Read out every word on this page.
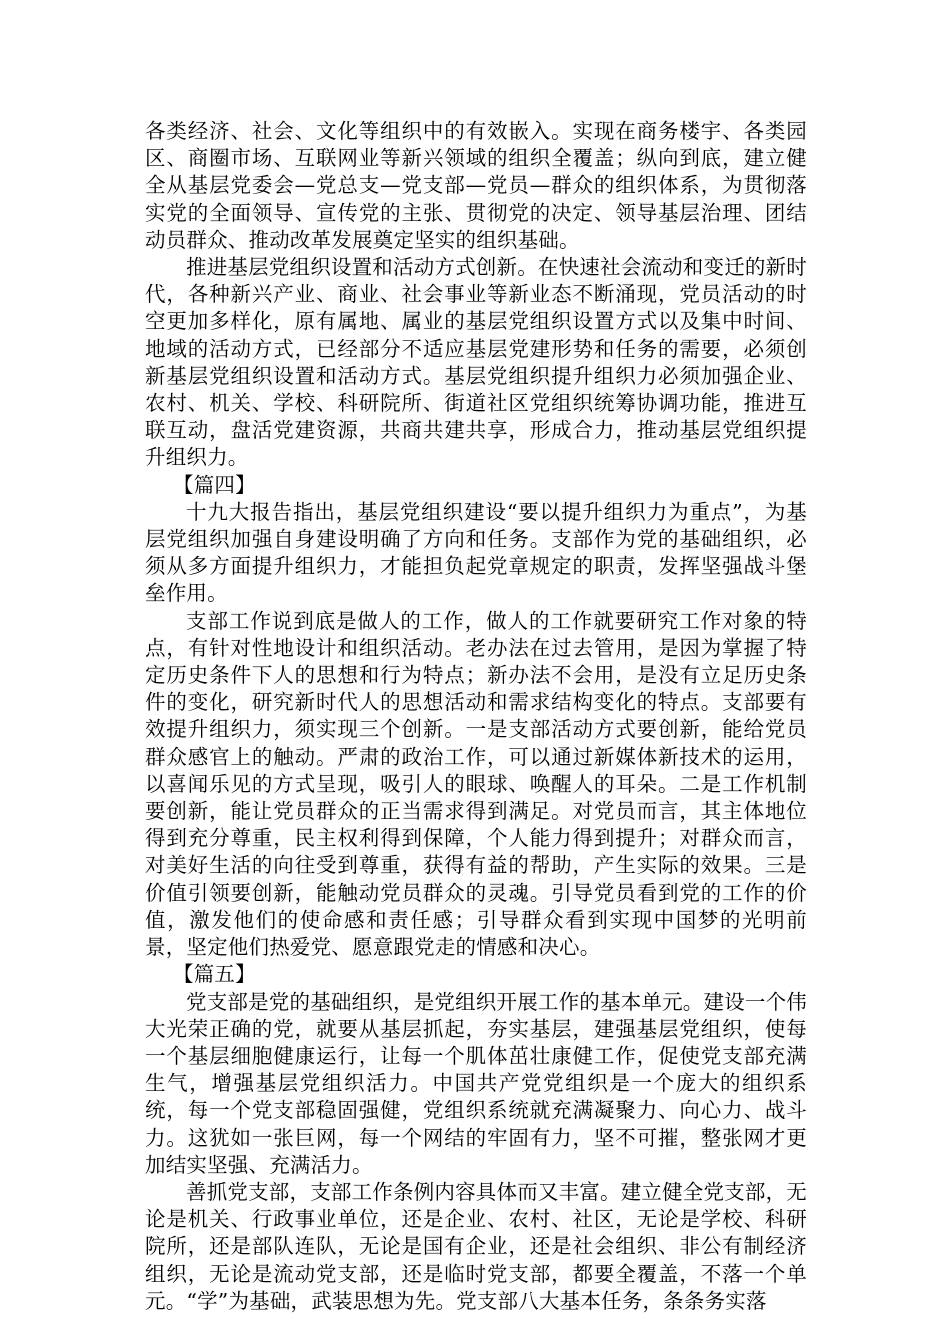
各类经济、社会、文化等组织中的有效嵌入。实现在商务楼宇、各类园区、商圈市场、互联网业等新兴领域的组织全覆盖；纵向到底，建立健全从基层党委会—党总支—党支部—党员—群众的组织体系，为贯彻落实党的全面领导、宣传党的主张、贯彻党的决定、领导基层治理、团结动员群众、推动改革发展奠定坚实的组织基础。

推进基层党组织设置和活动方式创新。在快速社会流动和变迁的新时代，各种新兴产业、商业、社会事业等新业态不断涌现，党员活动的时空更加多样化，原有属地、属业的基层党组织设置方式以及集中时间、地域的活动方式，已经部分不适应基层党建形势和任务的需要，必须创新基层党组织设置和活动方式。基层党组织提升组织力必须加强企业、农村、机关、学校、科研院所、街道社区党组织统筹协调功能，推进互联互动，盘活党建资源，共商共建共享，形成合力，推动基层党组织提升组织力。

【篇四】

十九大报告指出，基层党组织建设“要以提升组织力为重点”，为基层党组织加强自身建设明确了方向和任务。支部作为党的基础组织，必须从多方面提升组织力，才能担负起党章规定的职责，发挥坚强战斗堡垒作用。

支部工作说到底是做人的工作，做人的工作就要研究工作对象的特点，有针对性地设计和组织活动。老办法在过去管用，是因为掌握了特定历史条件下人的思想和行为特点；新办法不会用，是没有立足历史条件的变化，研究新时代人的思想活动和需求结构变化的特点。支部要有效提升组织力，须实现三个创新。一是支部活动方式要创新，能给党员群众感官上的触动。严肃的政治工作，可以通过新媒体新技术的运用，以喜闻乐见的方式呈现，吸引人的眼球、唤醒人的耳朵。二是工作机制要创新，能让党员群众的正当需求得到满足。对党员而言，其主体地位得到充分尊重，民主权利得到保障，个人能力得到提升；对群众而言，对美好生活的向往受到尊重，获得有益的帮助，产生实际的效果。三是价值引领要创新，能触动党员群众的灵魂。引导党员看到党的工作的价值，激发他们的使命感和责任感；引导群众看到实现中国梦的光明前景，坚定他们热爱党、愿意跟党走的情感和决心。

【篇五】

党支部是党的基础组织，是党组织开展工作的基本单元。建设一个伟大光荣正确的党，就要从基层抓起，夯实基层，建强基层党组织，使每一个基层细胞健康运行，让每一个肌体茁壮康健工作，促使党支部充满生气，增强基层党组织活力。中国共产党党组织是一个庞大的组织系统，每一个党支部稳固强健，党组织系统就充满凝聚力、向心力、战斗力。这犹如一张巨网，每一个网结的牢固有力，坚不可摧，整张网才更加结实坚强、充满活力。

善抓党支部，支部工作条例内容具体而又丰富。建立健全党支部，无论是机关、行政事业单位，还是企业、农村、社区，无论是学校、科研院所，还是部队连队，无论是国有企业，还是社会组织、非公有制经济组织，无论是流动党支部，还是临时党支部，都要全覆盖，不落一个单元。“学”为基础，武装思想为先。党支部八大基本任务，条条务实落
